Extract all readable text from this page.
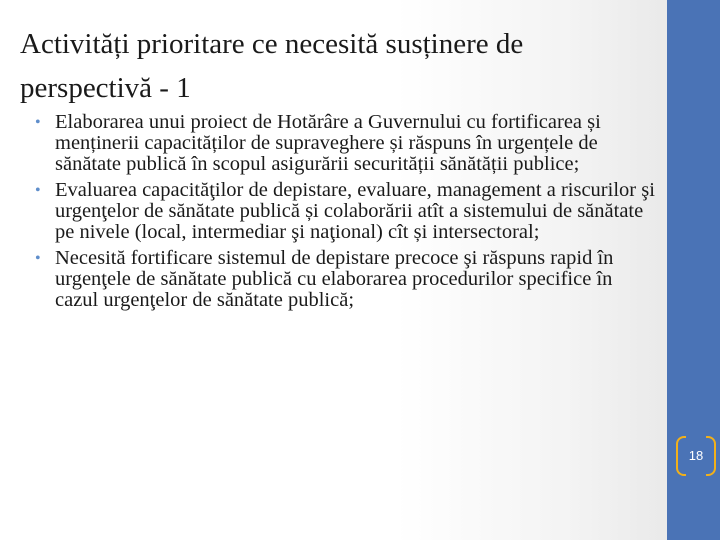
Activități prioritare ce necesită susținere de perspectivă - 1
• Elaborarea unui proiect de Hotărâre a Guvernului cu fortificarea și menținerii capacităților de supraveghere și răspuns în urgențele de sănătate publică în scopul asigurării securității sănătății publice;
• Evaluarea capacităţilor de depistare, evaluare, management a riscurilor şi urgenţelor de sănătate publică și colaborării atît a sistemului de sănătate pe nivele (local, intermediar şi naţional) cît și intersectoral;
• Necesită fortificare sistemul de depistare precoce şi răspuns rapid în urgenţele de sănătate publică cu elaborarea procedurilor specifice în cazul urgenţelor de sănătate publică;
18
